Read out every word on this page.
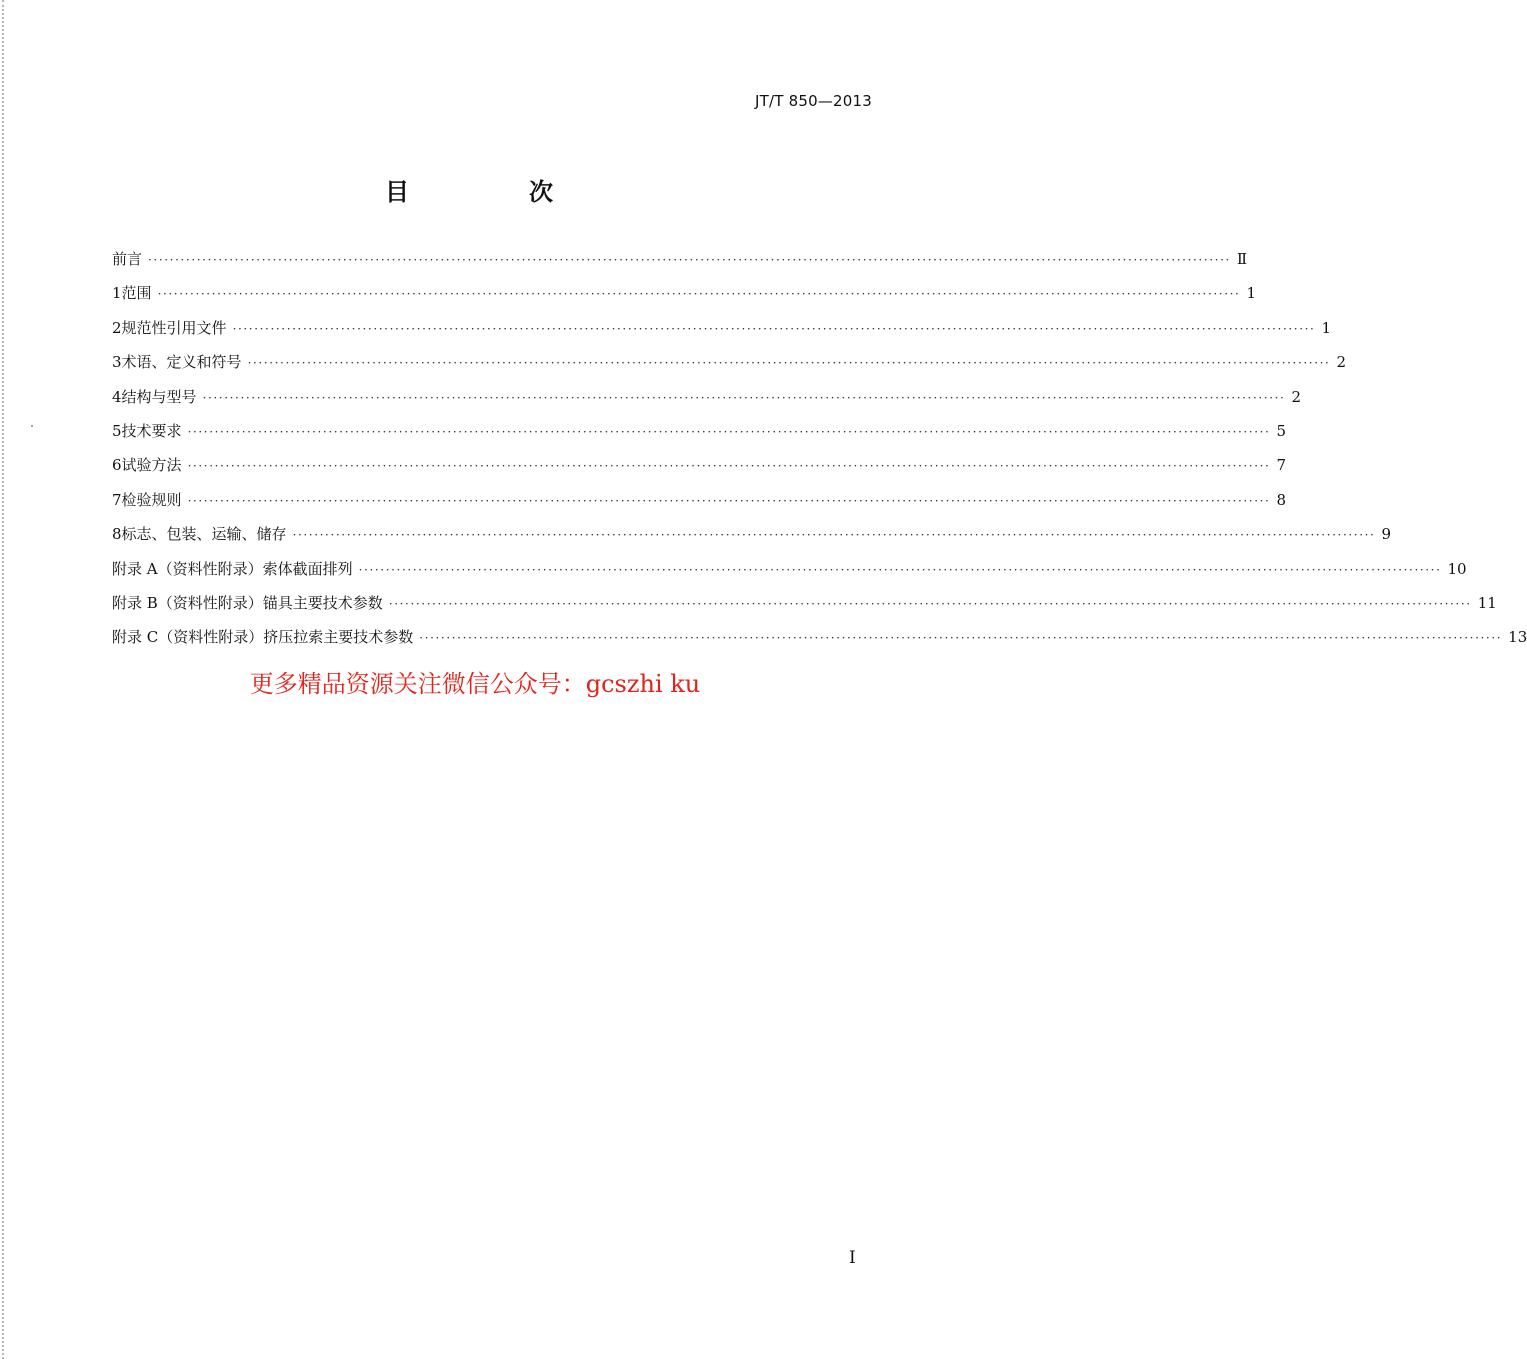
JT/T 850—2013
目　次
前言 ········································································································································································································ Ⅱ
1 范围 ········································································································································································································ 1
2 规范性引用文件 ········································································································································································································ 1
3 术语、定义和符号 ········································································································································································································ 2
4 结构与型号 ········································································································································································································ 2
5 技术要求 ········································································································································································································ 5
6 试验方法 ········································································································································································································ 7
7 检验规则 ········································································································································································································ 8
8 标志、包装、运输、储存 ········································································································································································································ 9
附录 A（资料性附录） 索体截面排列 ········································································································································································································ 10
附录 B（资料性附录） 锚具主要技术参数 ········································································································································································································ 11
附录 C（资料性附录） 挤压拉索主要技术参数 ········································································································································································································ 13
更多精品资源关注微信公众号：gcszhi ku
I
